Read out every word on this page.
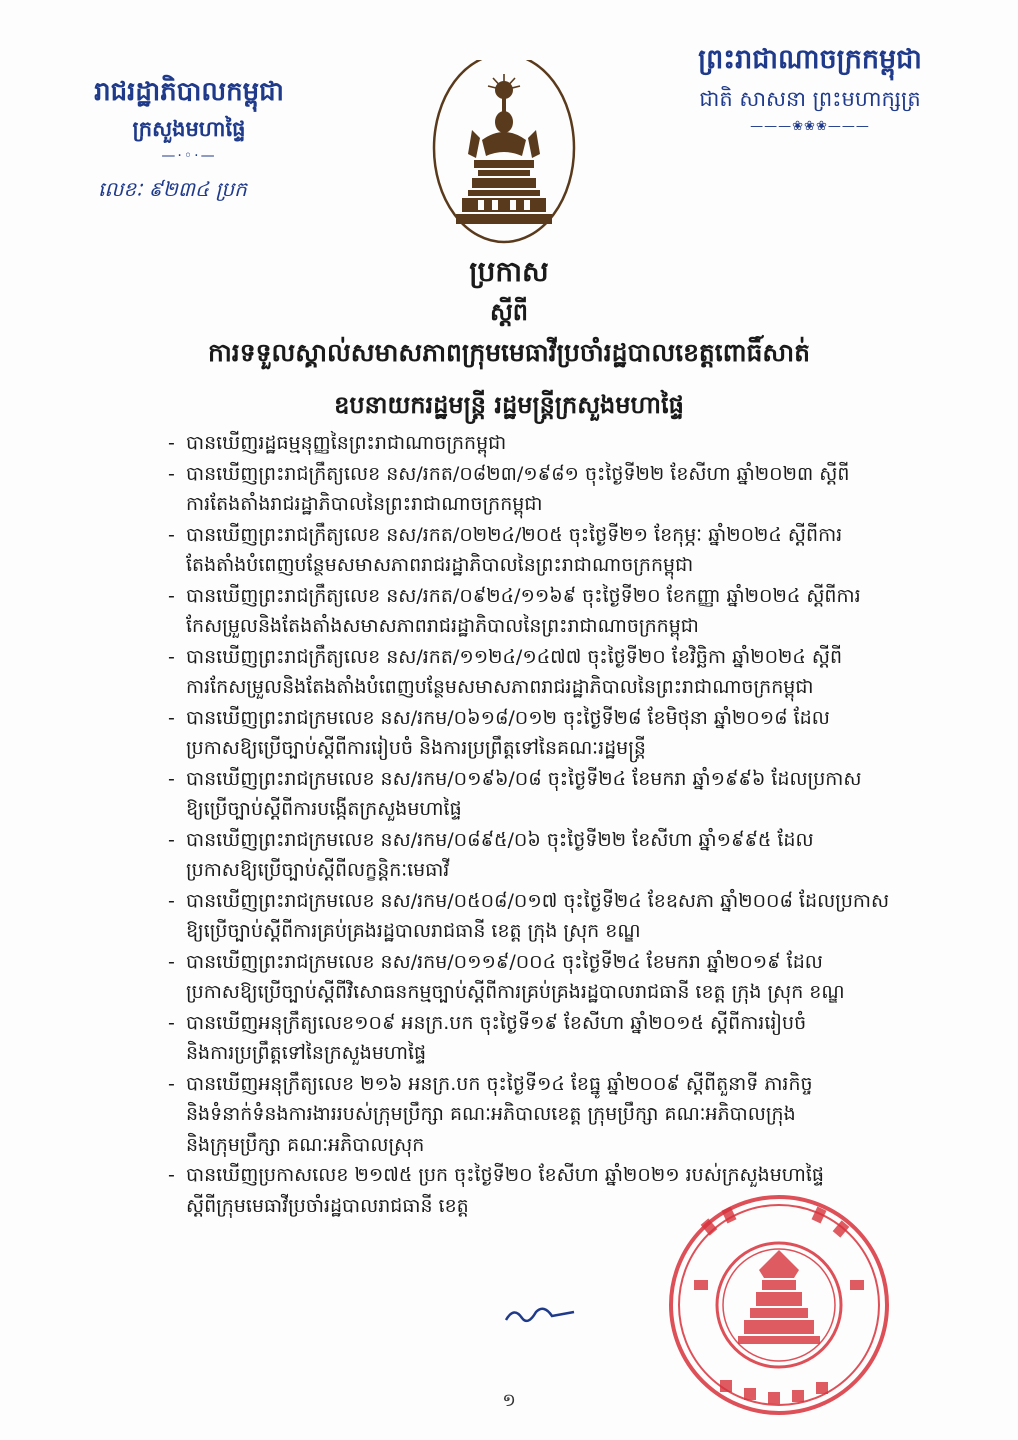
រាជរដ្ឋាភិបាលកម្ពុជា
ក្រសួងមហាផ្ទៃ
—·◦·—
លេខៈ ៩២៣៤ ប្រក
ព្រះរាជាណាចក្រកម្ពុជា
ជាតិ សាសនា ព្រះមហាក្សត្រ
———❀❀❀———
ប្រកាស
ស្តីពី
ការទទួលស្គាល់សមាសភាពក្រុមមេធាវីប្រចាំរដ្ឋបាលខេត្តពោធិ៍សាត់
ឧបនាយករដ្ឋមន្ត្រី រដ្ឋមន្ត្រីក្រសួងមហាផ្ទៃ
- បានឃើញរដ្ឋធម្មនុញ្ញនៃព្រះរាជាណាចក្រកម្ពុជា
- បានឃើញព្រះរាជក្រឹត្យលេខ នស/រកត/០៨២៣/១៩៨១ ចុះថ្ងៃទី២២ ខែសីហា ឆ្នាំ២០២៣ ស្តីពី
ការតែងតាំងរាជរដ្ឋាភិបាលនៃព្រះរាជាណាចក្រកម្ពុជា
- បានឃើញព្រះរាជក្រឹត្យលេខ នស/រកត/០២២៤/២០៥ ចុះថ្ងៃទី២១ ខែកុម្ភៈ ឆ្នាំ២០២៤ ស្តីពីការ
តែងតាំងបំពេញបន្ថែមសមាសភាពរាជរដ្ឋាភិបាលនៃព្រះរាជាណាចក្រកម្ពុជា
- បានឃើញព្រះរាជក្រឹត្យលេខ នស/រកត/០៩២៤/១១៦៩ ចុះថ្ងៃទី២០ ខែកញ្ញា ឆ្នាំ២០២៤ ស្តីពីការ
កែសម្រួលនិងតែងតាំងសមាសភាពរាជរដ្ឋាភិបាលនៃព្រះរាជាណាចក្រកម្ពុជា
- បានឃើញព្រះរាជក្រឹត្យលេខ នស/រកត/១១២៤/១៤៧៧ ចុះថ្ងៃទី២០ ខែវិច្ឆិកា ឆ្នាំ២០២៤ ស្តីពី
ការកែសម្រួលនិងតែងតាំងបំពេញបន្ថែមសមាសភាពរាជរដ្ឋាភិបាលនៃព្រះរាជាណាចក្រកម្ពុជា
- បានឃើញព្រះរាជក្រមលេខ នស/រកម/០៦១៨/០១២ ចុះថ្ងៃទី២៨ ខែមិថុនា ឆ្នាំ២០១៨ ដែល
ប្រកាសឱ្យប្រើច្បាប់ស្តីពីការរៀបចំ និងការប្រព្រឹត្តទៅនៃគណៈរដ្ឋមន្ត្រី
- បានឃើញព្រះរាជក្រមលេខ នស/រកម/០១៩៦/០៨ ចុះថ្ងៃទី២៤ ខែមករា ឆ្នាំ១៩៩៦ ដែលប្រកាស
ឱ្យប្រើច្បាប់ស្តីពីការបង្កើតក្រសួងមហាផ្ទៃ
- បានឃើញព្រះរាជក្រមលេខ នស/រកម/០៨៩៥/០៦ ចុះថ្ងៃទី២២ ខែសីហា ឆ្នាំ១៩៩៥ ដែល
ប្រកាសឱ្យប្រើច្បាប់ស្តីពីលក្ខន្តិកៈមេធាវី
- បានឃើញព្រះរាជក្រមលេខ នស/រកម/០៥០៨/០១៧ ចុះថ្ងៃទី២៤ ខែឧសភា ឆ្នាំ២០០៨ ដែលប្រកាស
ឱ្យប្រើច្បាប់ស្តីពីការគ្រប់គ្រងរដ្ឋបាលរាជធានី ខេត្ត ក្រុង ស្រុក ខណ្ឌ
- បានឃើញព្រះរាជក្រមលេខ នស/រកម/០១១៩/០០៤ ចុះថ្ងៃទី២៤ ខែមករា ឆ្នាំ២០១៩ ដែល
ប្រកាសឱ្យប្រើច្បាប់ស្តីពីវិសោធនកម្មច្បាប់ស្តីពីការគ្រប់គ្រងរដ្ឋបាលរាជធានី ខេត្ត ក្រុង ស្រុក ខណ្ឌ
- បានឃើញអនុក្រឹត្យលេខ១០៩ អនក្រ.បក ចុះថ្ងៃទី១៩ ខែសីហា ឆ្នាំ២០១៥ ស្តីពីការរៀបចំ
និងការប្រព្រឹត្តទៅនៃក្រសួងមហាផ្ទៃ
- បានឃើញអនុក្រឹត្យលេខ ២១៦ អនក្រ.បក ចុះថ្ងៃទី១៤ ខែធ្នូ ឆ្នាំ២០០៩ ស្តីពីតួនាទី ភារកិច្ច
និងទំនាក់ទំនងការងាររបស់ក្រុមប្រឹក្សា គណៈអភិបាលខេត្ត ក្រុមប្រឹក្សា គណៈអភិបាលក្រុង
និងក្រុមប្រឹក្សា គណៈអភិបាលស្រុក
- បានឃើញប្រកាសលេខ ២១៧៥ ប្រក ចុះថ្ងៃទី២០ ខែសីហា ឆ្នាំ២០២១ របស់ក្រសួងមហាផ្ទៃ
ស្តីពីក្រុមមេធាវីប្រចាំរដ្ឋបាលរាជធានី ខេត្ត
១
